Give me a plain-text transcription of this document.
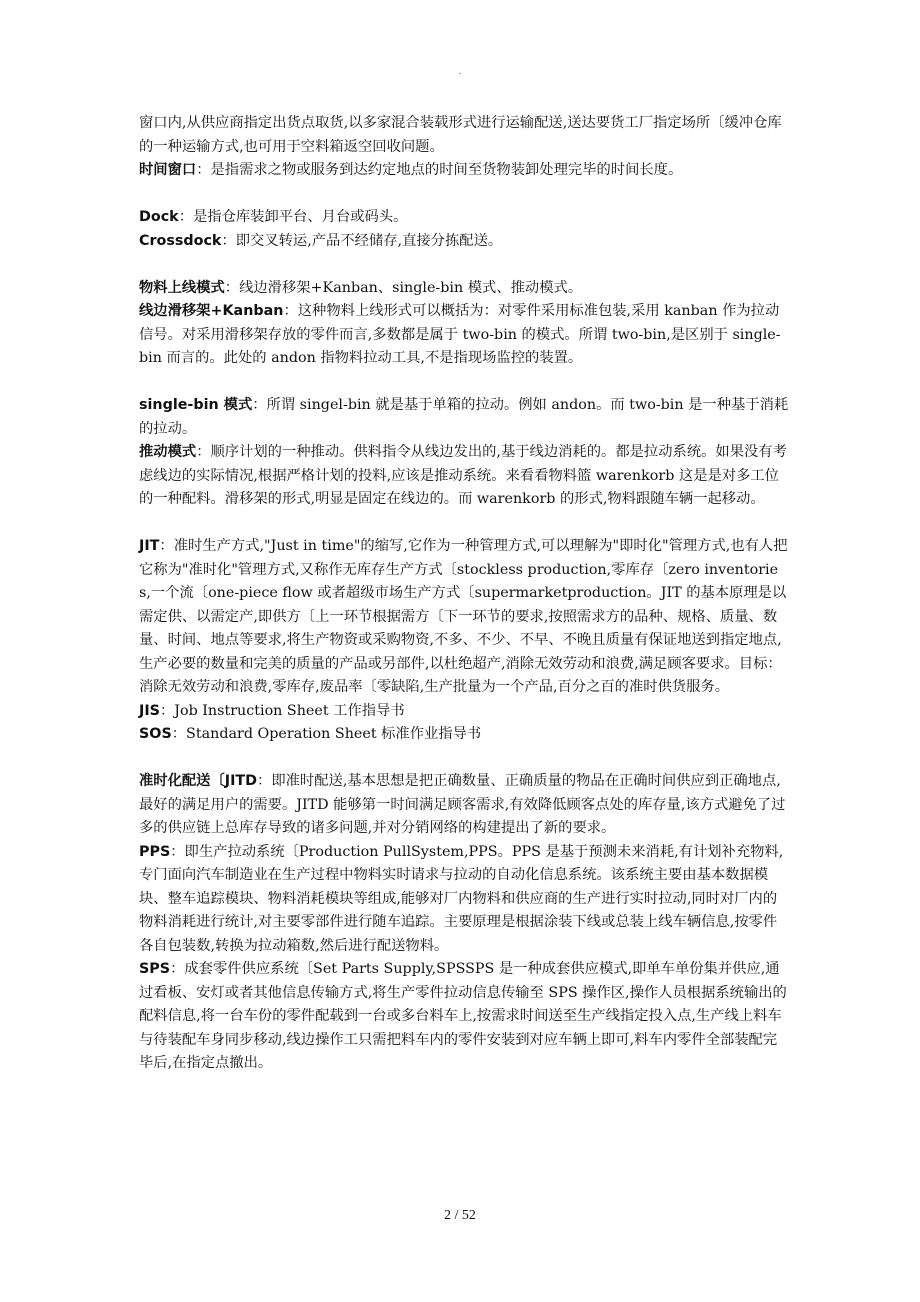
.

窗口内,从供应商指定出货点取货,以多家混合装载形式进行运输配送,送达要货工厂指定场所〔缓冲仓库的一种运输方式,也可用于空料箱返空回收问题。

时间窗口：是指需求之物或服务到达约定地点的时间至货物装卸处理完毕的时间长度。

Dock：是指仓库装卸平台、月台或码头。

Crossdock：即交叉转运,产品不经储存,直接分拣配送。

物料上线模式：线边滑移架+Kanban、single-bin 模式、推动模式。

线边滑移架+Kanban：这种物料上线形式可以概括为：对零件采用标准包装,采用 kanban 作为拉动信号。对采用滑移架存放的零件而言,多数都是属于 two-bin 的模式。所谓 two-bin,是区别于 single-bin 而言的。此处的 andon 指物料拉动工具,不是指现场监控的装置。

single-bin 模式：所谓 singel-bin 就是基于单箱的拉动。例如 andon。而 two-bin 是一种基于消耗的拉动。

推动模式：顺序计划的一种推动。供料指令从线边发出的,基于线边消耗的。都是拉动系统。如果没有考虑线边的实际情况,根据严格计划的投料,应该是推动系统。来看看物料篮 warenkorb 这是是对多工位的一种配料。滑移架的形式,明显是固定在线边的。而 warenkorb 的形式,物料跟随车辆一起移动。

JIT：准时生产方式,"Just in time"的缩写,它作为一种管理方式,可以理解为"即时化"管理方式,也有人把它称为"准时化"管理方式,又称作无库存生产方式〔stockless production,零库存〔zero inventories,一个流〔one-piece flow 或者超级市场生产方式〔supermarketproduction。JIT 的基本原理是以需定供、以需定产,即供方〔上一环节根据需方〔下一环节的要求,按照需求方的品种、规格、质量、数量、时间、地点等要求,将生产物资或采购物资,不多、不少、不早、不晚且质量有保证地送到指定地点,生产必要的数量和完美的质量的产品或另部件,以杜绝超产,消除无效劳动和浪费,满足顾客要求。目标：消除无效劳动和浪费,零库存,废品率〔零缺陷,生产批量为一个产品,百分之百的准时供货服务。

JIS：Job Instruction Sheet 工作指导书

SOS：Standard Operation Sheet 标准作业指导书

准时化配送〔JITD：即准时配送,基本思想是把正确数量、正确质量的物品在正确时间供应到正确地点,最好的满足用户的需要。JITD 能够第一时间满足顾客需求,有效降低顾客点处的库存量,该方式避免了过多的供应链上总库存导致的诸多问题,并对分销网络的构建提出了新的要求。

PPS：即生产拉动系统〔Production PullSystem,PPS。PPS 是基于预测未来消耗,有计划补充物料,专门面向汽车制造业在生产过程中物料实时请求与拉动的自动化信息系统。该系统主要由基本数据模块、整车追踪模块、物料消耗模块等组成,能够对厂内物料和供应商的生产进行实时拉动,同时对厂内的物料消耗进行统计,对主要零部件进行随车追踪。主要原理是根据涂装下线或总装上线车辆信息,按零件各自包装数,转换为拉动箱数,然后进行配送物料。

SPS：成套零件供应系统〔Set Parts Supply,SPSSPS 是一种成套供应模式,即单车单份集并供应,通过看板、安灯或者其他信息传输方式,将生产零件拉动信息传输至 SPS 操作区,操作人员根据系统输出的配料信息,将一台车份的零件配载到一台或多台料车上,按需求时间送至生产线指定投入点,生产线上料车与待装配车身同步移动,线边操作工只需把料车内的零件安装到对应车辆上即可,料车内零件全部装配完毕后,在指定点撤出。

2 / 52
